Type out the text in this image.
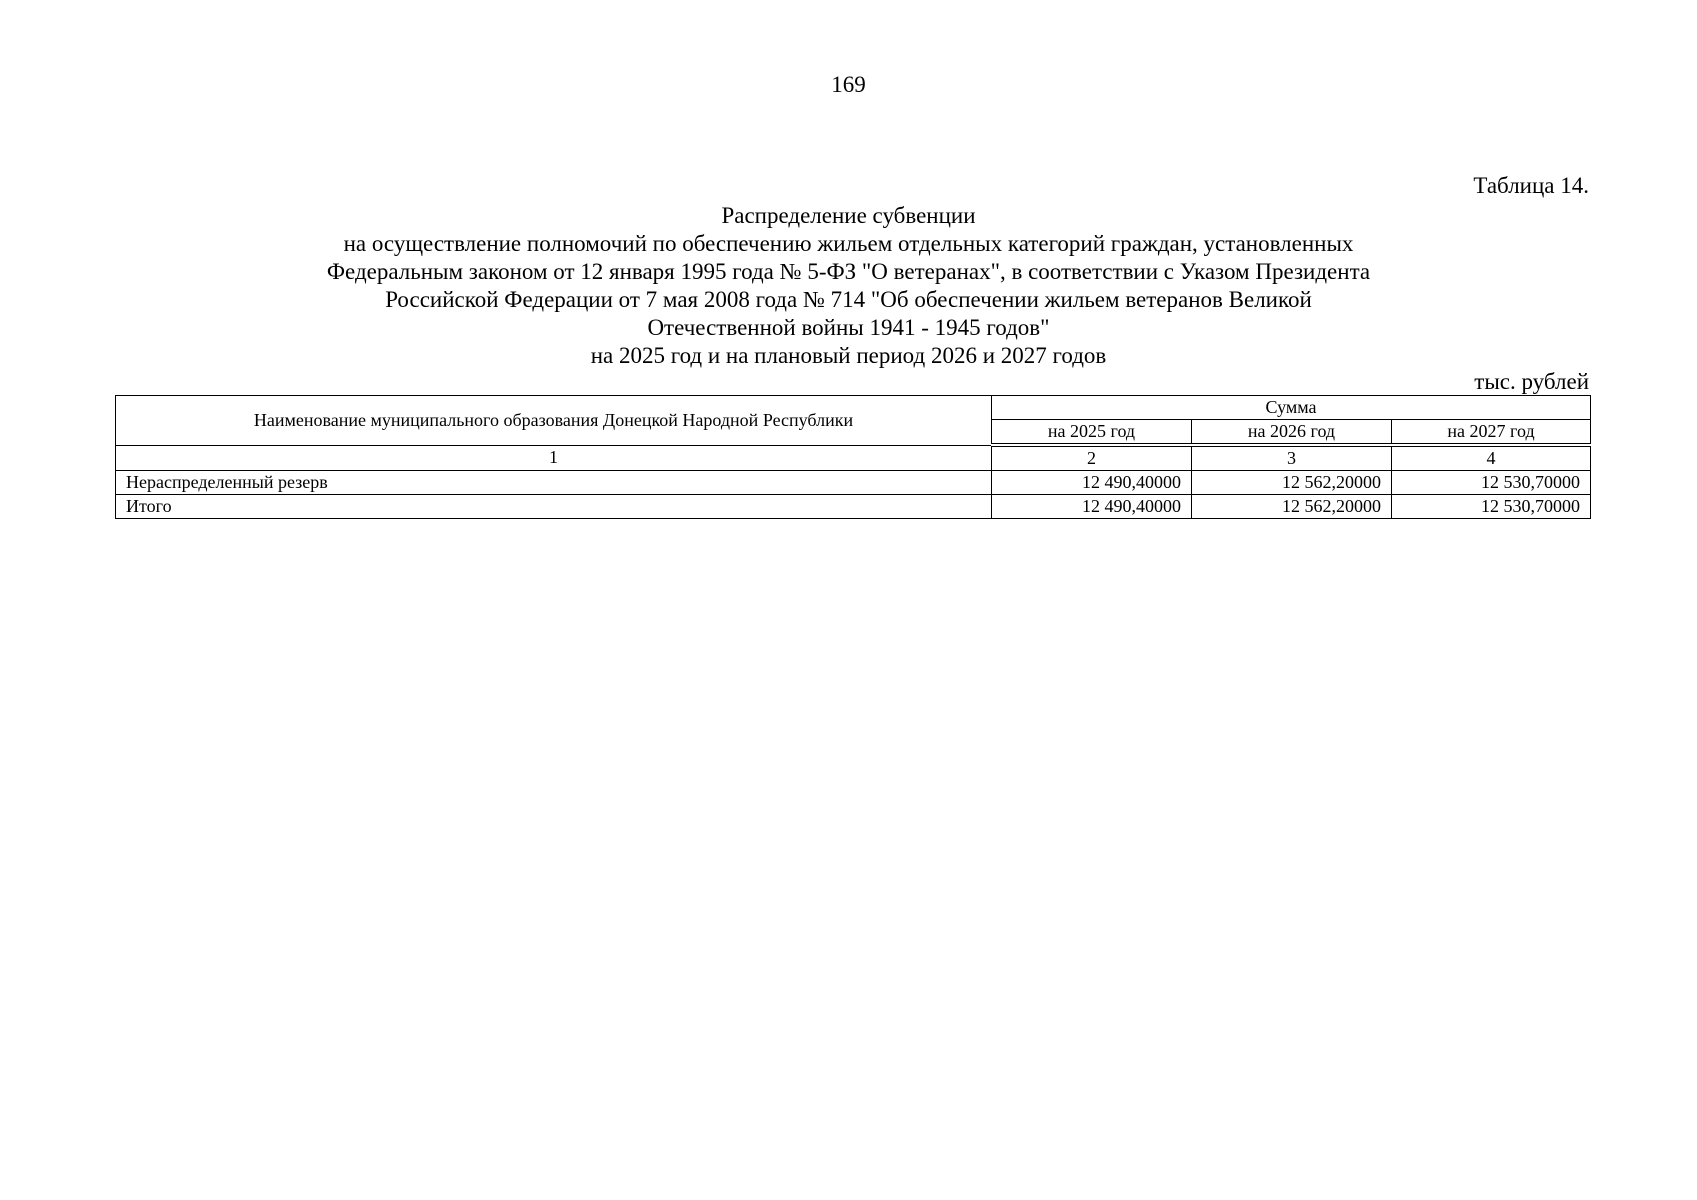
169
Таблица 14.
Распределение субвенции
на осуществление полномочий по обеспечению жильем отдельных категорий граждан, установленных
Федеральным законом от 12 января 1995 года № 5-ФЗ "О ветеранах", в соответствии с Указом Президента
Российской Федерации от 7 мая 2008 года № 714 "Об обеспечении жильем ветеранов Великой
Отечественной войны 1941 - 1945 годов"
на 2025 год и на плановый период 2026 и 2027 годов
тыс. рублей
Наименование муниципального образования Донецкой Народной Республики	Сумма		
	на 2025 год	на 2026 год	на 2027 год
1	2	3	4
Нераспределенный резерв	12 490,40000	12 562,20000	12 530,70000
Итого	12 490,40000	12 562,20000	12 530,70000
